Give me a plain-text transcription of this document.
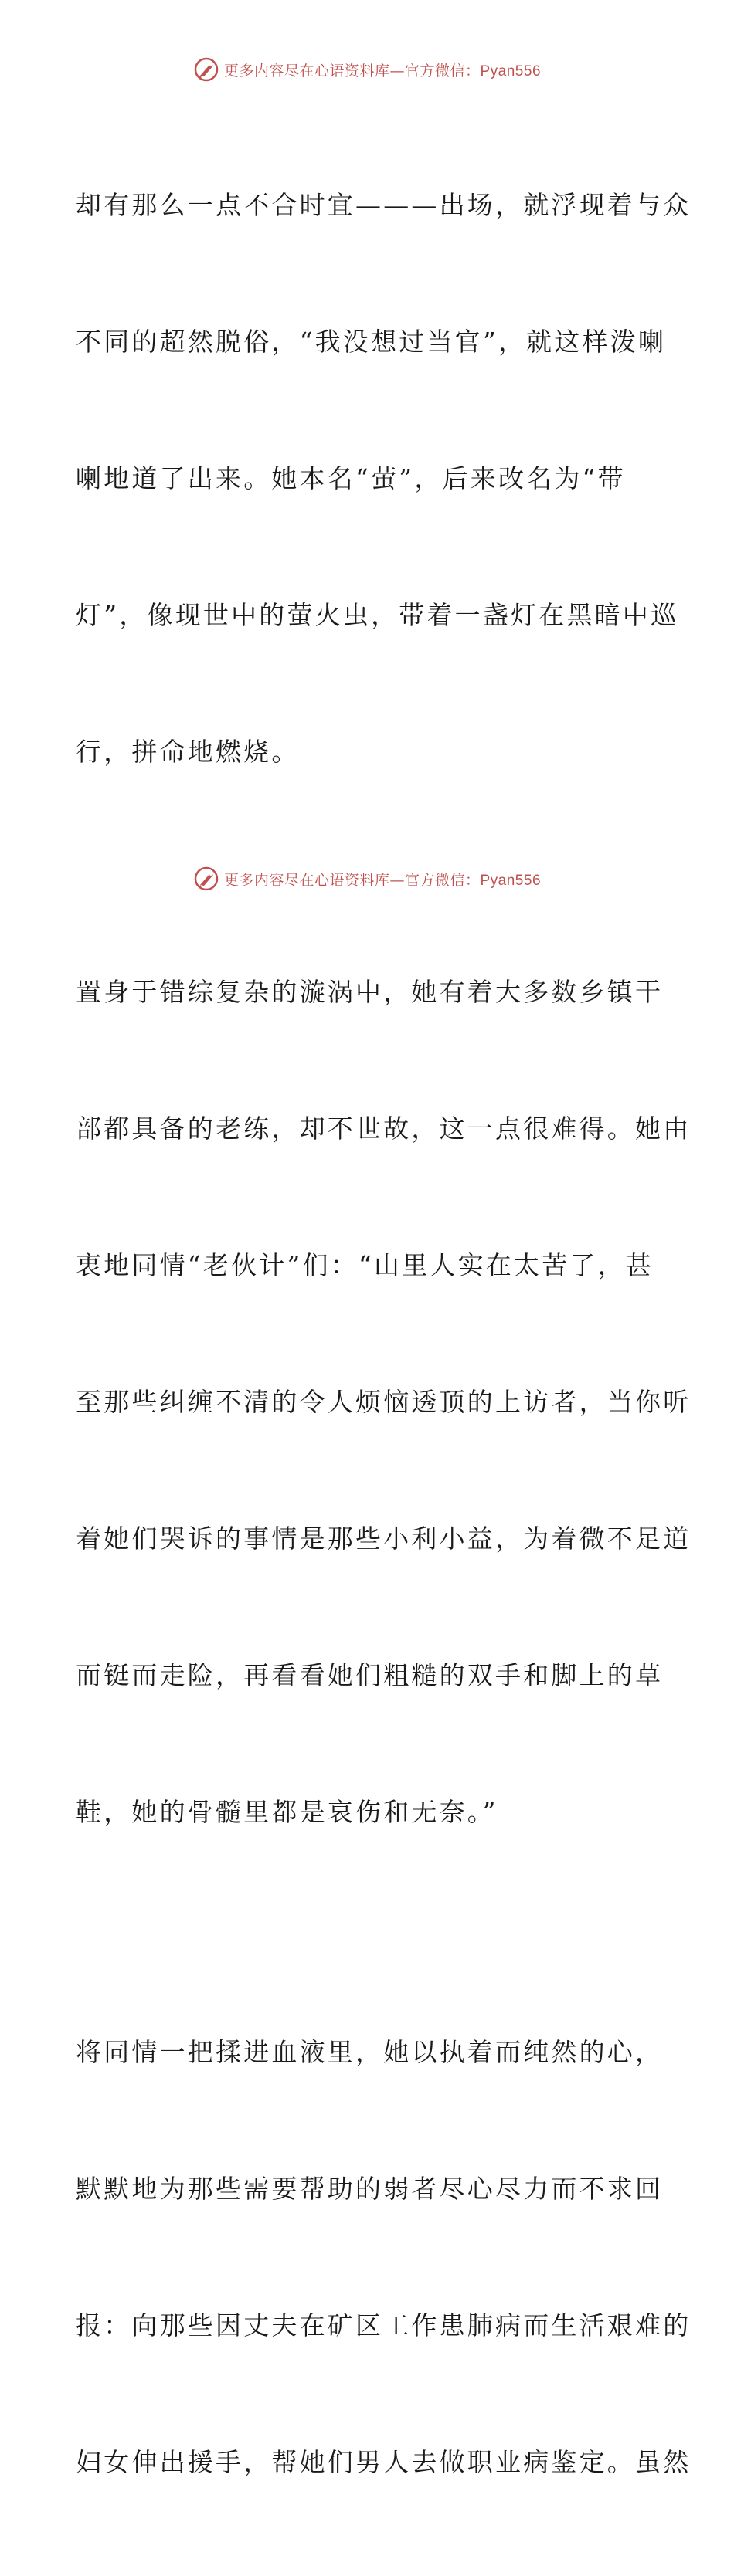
更多内容尽在心语资料库—官方微信：Pyan556

却有那么一点不合时宜———出场，就浮现着与众

不同的超然脱俗，“我没想过当官”，就这样泼喇

喇地道了出来。她本名“萤”，后来改名为“带

灯”，像现世中的萤火虫，带着一盏灯在黑暗中巡

行，拼命地燃烧。

置身于错综复杂的漩涡中，她有着大多数乡镇干

部都具备的老练，却不世故，这一点很难得。她由

衷地同情“老伙计”们：“山里人实在太苦了，甚

至那些纠缠不清的令人烦恼透顶的上访者，当你听

着她们哭诉的事情是那些小利小益，为着微不足道

而铤而走险，再看看她们粗糙的双手和脚上的草

鞋，她的骨髓里都是哀伤和无奈。”

将同情一把揉进血液里，她以执着而纯然的心，

默默地为那些需要帮助的弱者尽心尽力而不求回

报：向那些因丈夫在矿区工作患肺病而生活艰难的

妇女伸出援手，帮她们男人去做职业病鉴定。虽然

更多内容尽在心语资料库—官方微信：Pyan556
